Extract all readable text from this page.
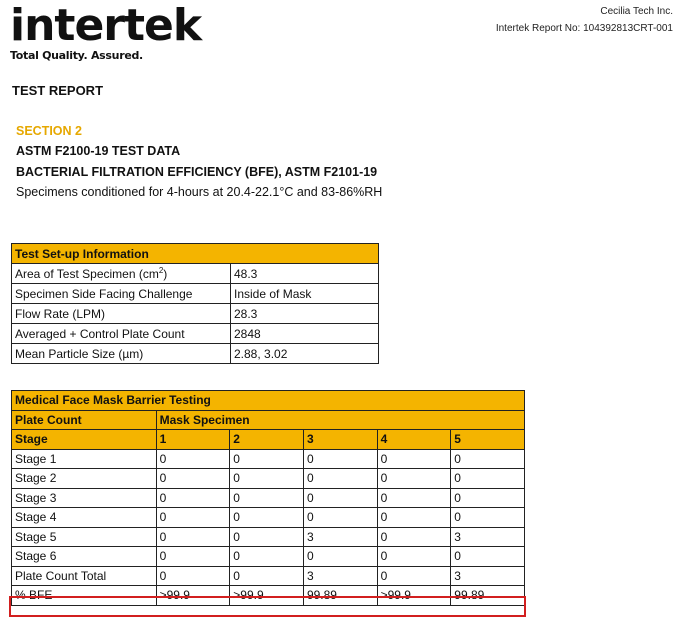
intertek
Total Quality. Assured.
Cecilia Tech Inc.
Intertek Report No: 104392813CRT-001
TEST REPORT
SECTION 2
ASTM F2100-19 TEST DATA
BACTERIAL FILTRATION EFFICIENCY (BFE), ASTM F2101-19
Specimens conditioned for 4-hours at 20.4-22.1°C and 83-86%RH
Test Set-up Information	
Area of Test Specimen $(cm^2)$	48.3
Specimen Side Facing Challenge	Inside of Mask
Flow Rate (LPM)	28.3
Averaged + Control Plate Count	2848
Mean Particle Size (µm)	2.88, 3.02
Medical Face Mask Barrier Testing					
Plate Count	Mask Specimen				
Stage	1	2	3	4	5
Stage 1	0	0	0	0	0
Stage 2	0	0	0	0	0
Stage 3	0	0	0	0	0
Stage 4	0	0	0	0	0
Stage 5	0	0	3	0	3
Stage 6	0	0	0	0	0
Plate Count Total	0	0	3	0	3
% BFE	>99.9	>99.9	99.89	>99.9	99.89
